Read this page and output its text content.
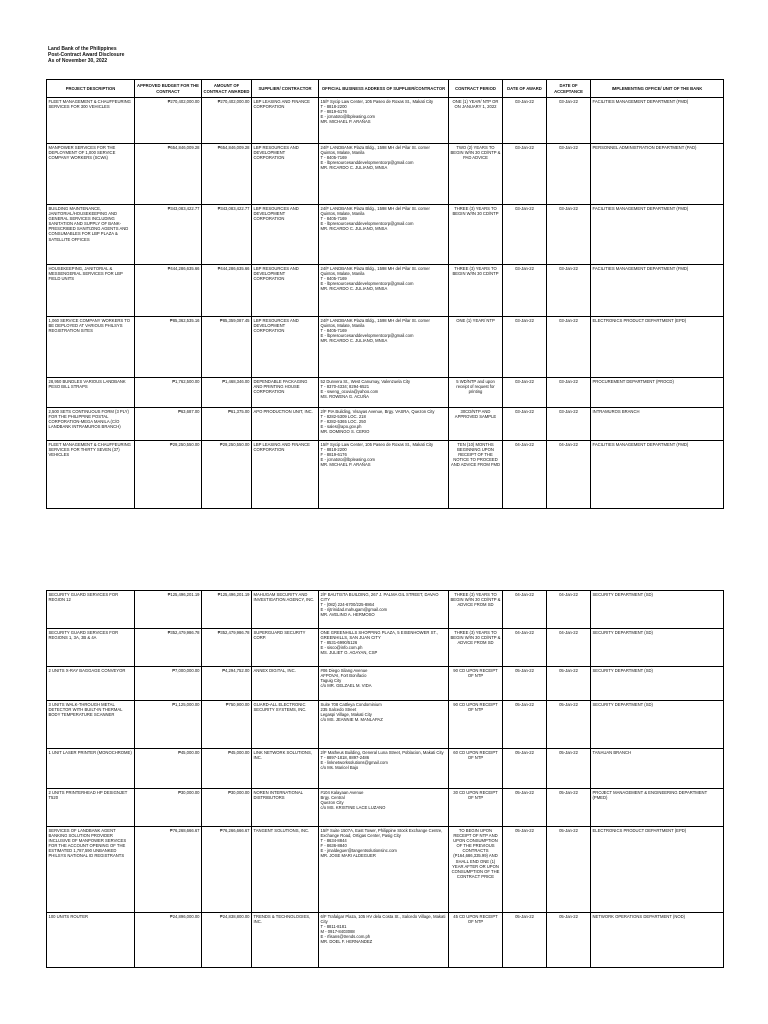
Land Bank of the Philippines
Post-Contract Award Disclosure
As of November 30, 2022
PROJECT DESCRIPTION	APPROVED BUDGET FOR THE CONTRACT	AMOUNT OF CONTRACT AWARDED	SUPPLIER/ CONTRACTOR	OFFICIAL BUSINESS ADDRESS OF SUPPLIER/CONTRACTOR	CONTRACT PERIOD	DATE OF AWARD	DATE OF ACCEPTANCE	IMPLEMENTING OFFICE/ UNIT OF THE BANK
FLEET MANAGEMENT & CHAUFFEURING SERVICES FOR 300 VEHICLES	₱270,402,000.00	₱270,402,000.00	LBP LEASING AND FINANCE CORPORATION	15/F Sycip Law Center, 105 Paseo de Roxas St., Makati City
T - 8818-2200
F - 8819-6176
E - jcmatoto@lbpleasing.com
MR. MICHAEL P. ARAÑAS	ONE (1) YEAR/ NTP OR ON JANUARY 1, 2022	03-Jan-22	03-Jan-22	FACILITIES MANAGEMENT DEPARTMENT (FMD)
MANPOWER SERVICES FOR THE DEPLOYMENT OF 1,000 SERVICE COMPANY WORKERS (SCWs)	₱654,846,009.28	₱654,846,009.28	LBP RESOURCES AND DEVELOPMENT CORPORATION	24/F LANDBANK Plaza Bldg., 1598 MH del Pilar St. corner Quintos, Malate, Manila
T - 8405-7169
E - lbpresourcesanddevelopmentcorp@gmail.com
MR. RICARDO C. JULIANO, MNSA	TWO (2) YEARS TO BEGIN W/IN 30 CD/NTP & PAD ADVICE	03-Jan-22	03-Jan-22	PERSONNEL ADMINISTRATION DEPARTMENT (PAD)
BUILDING MAINTENANCE, JANITORIAL/HOUSEKEEPING AND GENERAL SERVICES INCLUDING SANITATION AND SUPPLY OF BANK-PRESCRIBED SANITIZING AGENTS AND CONSUMABLES FOR LBP PLAZA & SATELLITE OFFICES	₱343,083,422.77	₱343,083,422.77	LBP RESOURCES AND DEVELOPMENT CORPORATION	24/F LANDBANK Plaza Bldg., 1598 MH del Pilar St. corner Quintos, Malate, Manila
T - 8405-7169
E - lbpresourcesanddevelopmentcorp@gmail.com
MR. RICARDO C. JULIANO, MNSA	THREE (3) YEARS TO BEGIN W/IN 30 CD/NTP	03-Jan-22	03-Jan-22	FACILITIES MANAGEMENT DEPARTMENT (FMD)
HOUSEKEEPING, JANITORIAL & MESSENGERIAL SERVICES FOR LBP FIELD UNITS	₱444,286,635.66	₱444,286,635.66	LBP RESOURCES AND DEVELOPMENT CORPORATION	24/F LANDBANK Plaza Bldg., 1598 MH del Pilar St. corner Quintos, Malate, Manila
T - 8405-7169
E - lbpresourcesanddevelopmentcorp@gmail.com
MR. RICARDO C. JULIANO, MNSA	THREE (3) YEARS TO BEGIN W/IN 30 CD/NTP	03-Jan-22	03-Jan-22	FACILITIES MANAGEMENT DEPARTMENT (FMD)
1,060 SERVICE COMPANY WORKERS TO BE DEPLOYED AT VARIOUS PHILSYS REGISTRATION SITES	₱85,362,535.16	₱85,359,087.45	LBP RESOURCES AND DEVELOPMENT CORPORATION	24/F LANDBANK Plaza Bldg., 1598 MH del Pilar St. corner Quintos, Malate, Manila
T - 8405-7169
E - lbpresourcesanddevelopmentcorp@gmail.com
MR. RICARDO C. JULIANO, MNSA	ONE (1) YEAR/ NTP	03-Jan-22	03-Jan-22	ELECTRONICS PRODUCT DEPARTMENT (EPD)
28,950 BUNDLES VARIOUS LANDBANK PESO BILL STRAPS	₱1,762,500.00	₱1,468,346.00	DEPENDABLE PACKAGING AND PRINTING HOUSE CORPORATION	52 Dunvera St., West Canumay, Valenzuela City
T - 8370-4334; 8294-6521
E - sweng_ocuvia@yahoo.com
MS. ROWENA G. ACUÑA	5 WD/NTP and upon receipt of request for printing	03-Jan-22	03-Jan-22	PROCUREMENT DEPARTMENT (PROCD)
2,500 SETS CONTINUOUS FORM (3 PLY) FOR THE PHILIPPINE POSTAL CORPORATION-MEGA MANILA (C/O LANDBANK INTRAMUROS BRANCH)	₱63,687.00	₱61,375.00	APO PRODUCTION UNIT, INC.	2/F PIA Building, Visayas Avenue, Brgy. VASRA, Quezon City
T - 8282-5309 LOC. 218
F - 8282-5365 LOC. 250
E - sales@apo.gov.ph
MR. DOMINGO S. CERIO	30CD/NTP AND APPROVED SAMPLE	03-Jan-22	03-Jan-22	INTRAMUROS BRANCH
FLEET MANAGEMENT & CHAUFFEURING SERVICES FOR THIRTY SEVEN (37) VEHICLES	₱29,250,550.00	₱29,250,550.00	LBP LEASING AND FINANCE CORPORATION	15/F Sycip Law Center, 105 Paseo de Roxas St., Makati City
T - 8818-2200
F - 8819-6176
E - jcmatoto@lbpleasing.com
MR. MICHAEL P. ARAÑAS	TEN (10) MONTHS BEGINNING UPON RECEIPT OF THE NOTICE TO PROCEED AND ADVICE FROM FMD	04-Jan-22	04-Jan-22	FACILITIES MANAGEMENT DEPARTMENT (FMD)
SECURITY GUARD SERVICES FOR REGION 12	₱125,496,201.19	₱125,496,201.19	MAHUGAM SECURITY AND INVESTIGATION AGENCY, INC.	2/F BAUTISTA BUILDING, 267 J. PALMA GIL STREET, DAVAO CITY
T - (082) 224-6700/225-8864
E - rijtrinidad.mahugam@gmail.com
MR. AVELINO A. HERMOSO	THREE (3) YEARS TO BEGIN W/IN 30 CD/NTP & ADVICE FROM SD	04-Jan-22	04-Jan-22	SECURITY DEPARTMENT (SD)
SECURITY GUARD SERVICES FOR REGIONS 1, 3A, 3B & 4A	₱352,479,986.78	₱352,479,986.78	SUPERGUARD SECURITY CORP.	ONE GREENHILLS SHOPPING PLAZA, 5 EISENHOWER ST., GREENHILLS, SAN JUAN CITY
T - 8531-6990/5126
E - sisco@info.com.ph
MS. JULIET O. AGAYAN, CSP	THREE (3) YEARS TO BEGIN W/IN 30 CD/NTP & ADVICE FROM SD	04-Jan-22	04-Jan-22	SECURITY DEPARTMENT (SD)
2 UNITS X-RAY BAGGAGE CONVEYOR	₱7,000,000.00	₱4,294,752.00	ANNEX DIGITAL, INC.	#06 Diego Silang Avenue
AFPOVAI, Fort Bonifacio
Taguig City
c/o MR. GELZAEL M. VIDA	90 CD UPON RECEIPT OF NTP	05-Jan-22	05-Jan-22	SECURITY DEPARTMENT (SD)
3 UNITS WALK-THROUGH METAL DETECTOR WITH BUILT-IN THERMAL BODY TEMPERATURE SCANNER	₱1,125,000.00	₱750,900.00	GUARD-ALL ELECTRONIC SECURITY SYSTEMS, INC.	Suite 708 Cattleya Condominium
235 Salcedo Street
Legaspi Village, Makati City
c/o MS. JEANNIE M. MANLAPAZ	90 CD UPON RECEIPT OF NTP	05-Jan-22	05-Jan-22	SECURITY DEPARTMENT (SD)
1 UNIT LASER PRINTER (MONOCHROME)	₱45,000.00	₱45,000.00	LINK NETWORK SOLUTIONS, INC.	2/F Matheus Building, General Luna Street, Poblacion, Makati City
T - 8897-1818, 8897-2486
E - linknetworksolutions@gmail.com
c/o Ms. Maricel Bajo	60 CD UPON RECEIPT OF NTP	05-Jan-22	05-Jan-22	TANAUAN BRANCH
2 UNITS PRINTERHEAD HP DESIGNJET T520	₱30,000.00	₱30,000.00	NOREN INTERNATIONAL DISTRIBUTORS	#104 Kalayaan Avenue
Brgy. Central
Quezon City
c/o MS. KRISTINE LACE LUZANO	30 CD UPON RECEIPT OF NTP	05-Jan-22	05-Jan-22	PROJECT MANAGEMENT & ENGINEERING DEPARTMENT (PMED)
SERVICES OF LANDBANK AGENT BANKING SOLUTION PROVIDER INCLUSIVE OF MANPOWER SERVICES FOR THE ACCOUNT OPENING OF THE ESTIMATED 1,787,590 UNBANKED PHILSYS NATIONAL ID REGISTRANTS	₱76,268,666.67	₱76,266,666.67	TANGENT SOLUTIONS, INC.	15/F Suite 1507A, East Tower, Philippine Stock Exchange Centre, Exchange Road, Ortigas Center, Pasig City
T - 8634-8844
F - 8636-8840
E - jmaldeguer@tangentsolutionsinc.com
MR. JOSE MARI ALDEGUER	TO BEGIN UPON RECEIPT OF NTP AND UPON CONSUMPTION OF THE PREVIOUS CONTRACTS (P164,686,335.99) AND SHALL END ONE (1) YEAR AFTER OR UPON CONSUMPTION OF THE CONTRACT PRICE	05-Jan-22	05-Jan-22	ELECTRONICS PRODUCT DEPARTMENT (EPD)
100 UNITS ROUTER	₱24,896,000.00	₱24,838,800.00	TRENDS & TECHNOLOGIES, INC.	6/F Trafalgar Plaza, 105 HV dela Costa St., Salcedo Village, Makati City
T - 8811-8181
M - 0917-8403088
E - rfisans@trends.com.ph
MR. DOEL F. HERNANDEZ	45 CD UPON RECEIPT OF NTP	05-Jan-22	05-Jan-22	NETWORK OPERATIONS DEPARTMENT (NOD)
